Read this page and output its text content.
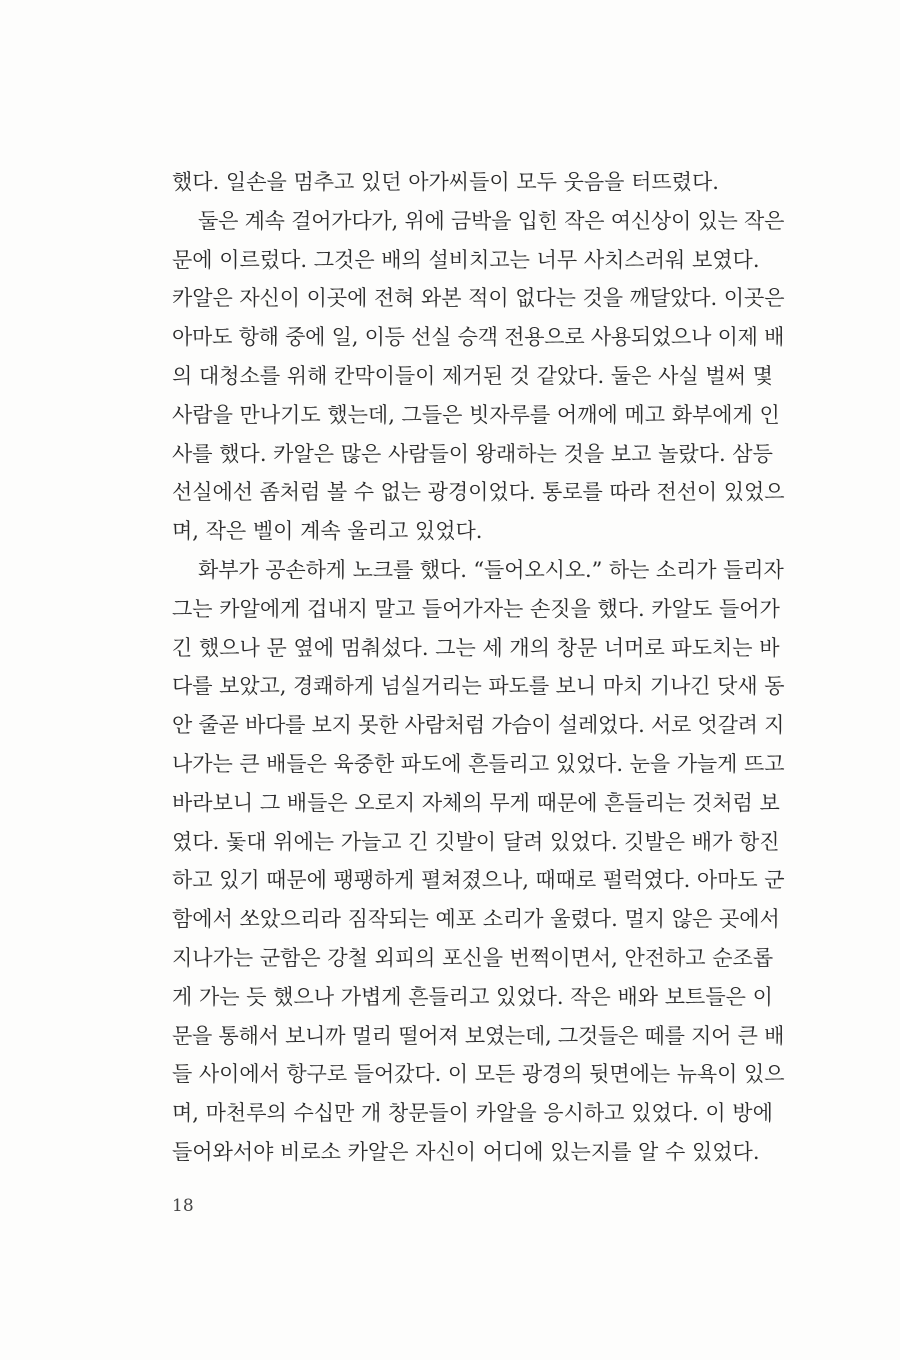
했다. 일손을 멈추고 있던 아가씨들이 모두 웃음을 터뜨렸다.
둘은 계속 걸어가다가, 위에 금박을 입힌 작은 여신상이 있는 작은
문에 이르렀다. 그것은 배의 설비치고는 너무 사치스러워 보였다.
카알은 자신이 이곳에 전혀 와본 적이 없다는 것을 깨달았다. 이곳은
아마도 항해 중에 일, 이등 선실 승객 전용으로 사용되었으나 이제 배
의 대청소를 위해 칸막이들이 제거된 것 같았다. 둘은 사실 벌써 몇
사람을 만나기도 했는데, 그들은 빗자루를 어깨에 메고 화부에게 인
사를 했다. 카알은 많은 사람들이 왕래하는 것을 보고 놀랐다. 삼등
선실에선 좀처럼 볼 수 없는 광경이었다. 통로를 따라 전선이 있었으
며, 작은 벨이 계속 울리고 있었다.
화부가 공손하게 노크를 했다. “들어오시오.” 하는 소리가 들리자
그는 카알에게 겁내지 말고 들어가자는 손짓을 했다. 카알도 들어가
긴 했으나 문 옆에 멈춰섰다. 그는 세 개의 창문 너머로 파도치는 바
다를 보았고, 경쾌하게 넘실거리는 파도를 보니 마치 기나긴 닷새 동
안 줄곧 바다를 보지 못한 사람처럼 가슴이 설레었다. 서로 엇갈려 지
나가는 큰 배들은 육중한 파도에 흔들리고 있었다. 눈을 가늘게 뜨고
바라보니 그 배들은 오로지 자체의 무게 때문에 흔들리는 것처럼 보
였다. 돛대 위에는 가늘고 긴 깃발이 달려 있었다. 깃발은 배가 항진
하고 있기 때문에 팽팽하게 펼쳐졌으나, 때때로 펄럭였다. 아마도 군
함에서 쏘았으리라 짐작되는 예포 소리가 울렸다. 멀지 않은 곳에서
지나가는 군함은 강철 외피의 포신을 번쩍이면서, 안전하고 순조롭
게 가는 듯 했으나 가볍게 흔들리고 있었다. 작은 배와 보트들은 이
문을 통해서 보니까 멀리 떨어져 보였는데, 그것들은 떼를 지어 큰 배
들 사이에서 항구로 들어갔다. 이 모든 광경의 뒷면에는 뉴욕이 있으
며, 마천루의 수십만 개 창문들이 카알을 응시하고 있었다. 이 방에
들어와서야 비로소 카알은 자신이 어디에 있는지를 알 수 있었다.
18
